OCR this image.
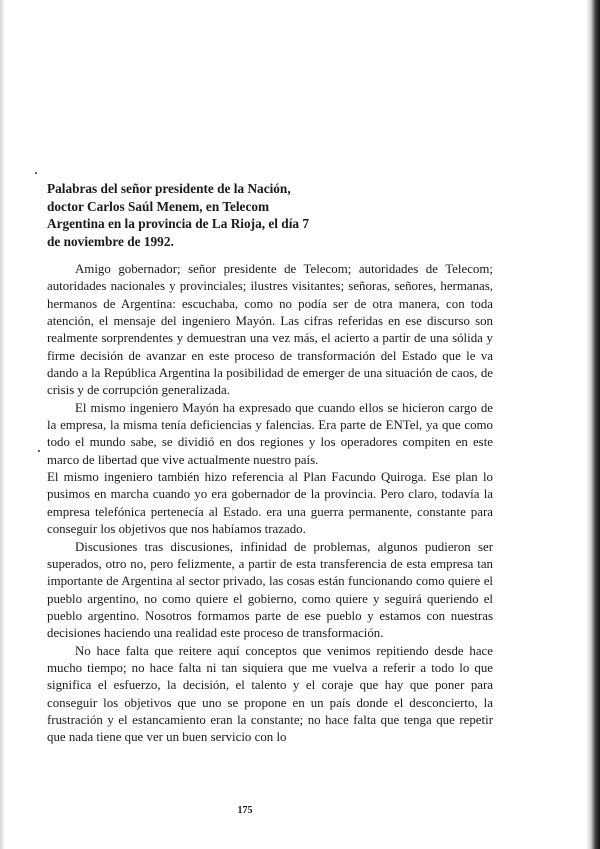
Palabras del señor presidente de la Nación,
doctor Carlos Saúl Menem, en Telecom
Argentina en la provincia de La Rioja, el día 7
de noviembre de 1992.

Amigo gobernador; señor presidente de Telecom; autoridades de Telecom; autoridades nacionales y provinciales; ilustres visitantes; señoras, señores, hermanas, hermanos de Argentina: escuchaba, como no podía ser de otra manera, con toda atención, el mensaje del ingeniero Mayón. Las cifras referidas en ese discurso son realmente sorprendentes y demuestran una vez más, el acierto a partir de una sólida y firme decisión de avanzar en este proceso de transformación del Estado que le va dando a la República Argentina la posibilidad de emerger de una situación de caos, de crisis y de corrupción generalizada.

El mismo ingeniero Mayón ha expresado que cuando ellos se hicieron cargo de la empresa, la misma tenía deficiencias y falencias. Era parte de ENTel, ya que como todo el mundo sabe, se dividió en dos regiones y los operadores compiten en este marco de libertad que vive actualmente nuestro país.

El mismo ingeniero también hizo referencia al Plan Facundo Quiroga. Ese plan lo pusimos en marcha cuando yo era gobernador de la provincia. Pero claro, todavía la empresa telefónica pertenecía al Estado. era una guerra permanente, constante para conseguir los objetivos que nos habíamos trazado.

Discusiones tras discusiones, infinidad de problemas, algunos pudieron ser superados, otro no, pero felizmente, a partir de esta transferencia de esta empresa tan importante de Argentina al sector privado, las cosas están funcionando como quiere el pueblo argentino, no como quiere el gobierno, como quiere y seguirá queriendo el pueblo argentino. Nosotros formamos parte de ese pueblo y estamos con nuestras decisiones haciendo una realidad este proceso de transformación.

No hace falta que reitere aquí conceptos que venimos repitiendo desde hace mucho tiempo; no hace falta ni tan siquiera que me vuelva a referir a todo lo que significa el esfuerzo, la decisión, el talento y el coraje que hay que poner para conseguir los objetivos que uno se propone en un país donde el desconcierto, la frustración y el estancamiento eran la constante; no hace falta que tenga que repetir que nada tiene que ver un buen servicio con lo

175
